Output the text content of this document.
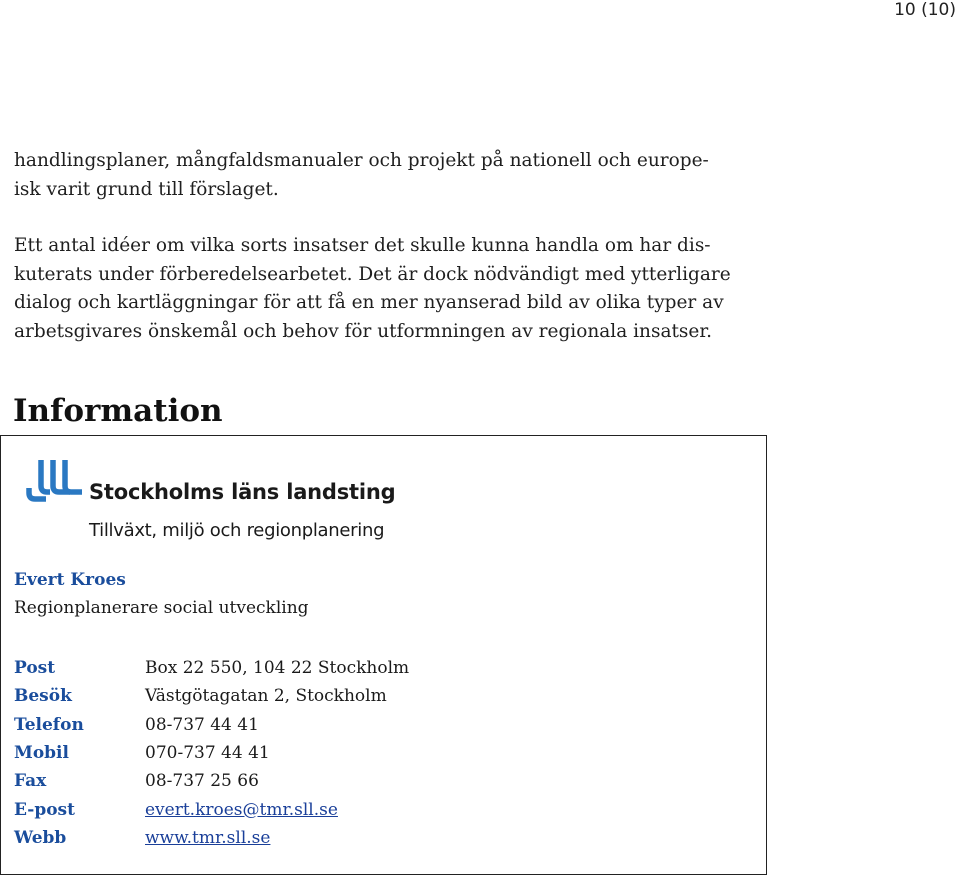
10 (10)

handlingsplaner, mångfaldsmanualer och projekt på nationell och europe-
isk varit grund till förslaget.

Ett antal idéer om vilka sorts insatser det skulle kunna handla om har dis-
kuterats under förberedelsearbetet. Det är dock nödvändigt med ytterligare
dialog och kartläggningar för att få en mer nyanserad bild av olika typer av
arbetsgivares önskemål och behov för utformningen av regionala insatser.

Information
Stockholms läns landsting
Tillväxt, miljö och regionplanering
Evert Kroes
Regionplanerare social utveckling
Post	Box 22 550, 104 22 Stockholm
Besök	Västgötagatan 2, Stockholm
Telefon	08-737 44 41
Mobil	070-737 44 41
Fax	08-737 25 66
E-post	evert.kroes@tmr.sll.se
Webb	www.tmr.sll.se
